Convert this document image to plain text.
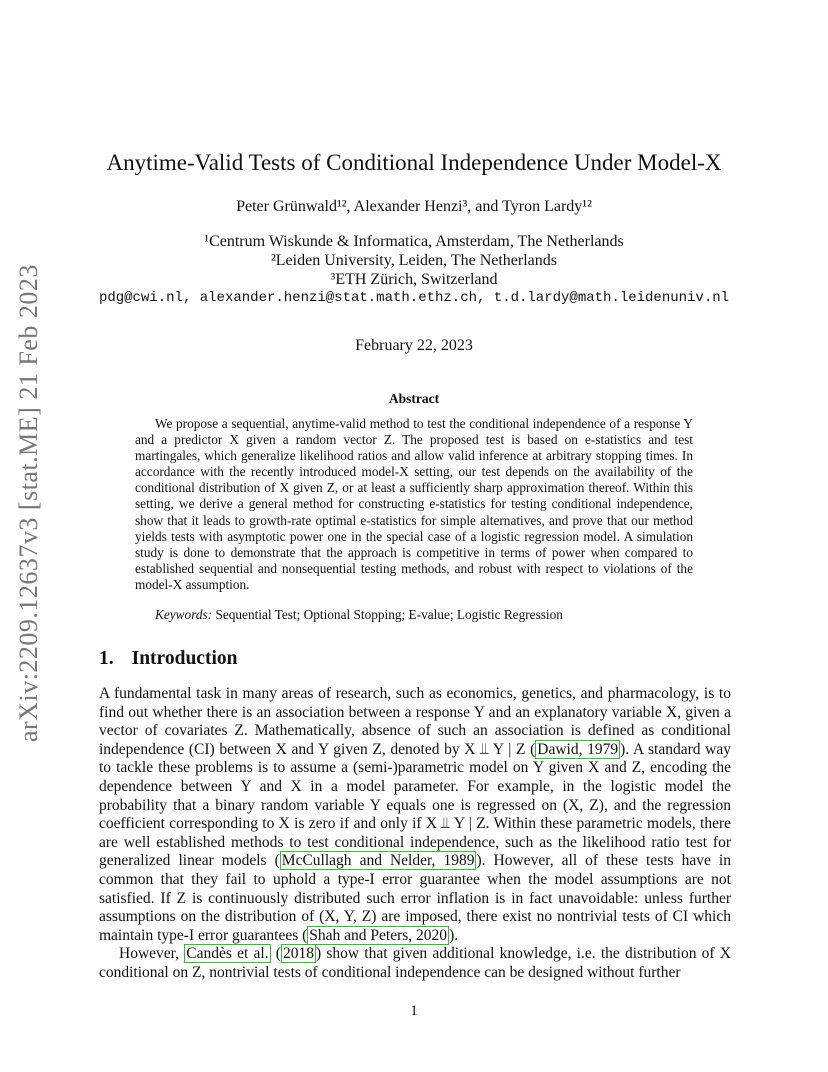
arXiv:2209.12637v3 [stat.ME] 21 Feb 2023
Anytime-Valid Tests of Conditional Independence Under Model-X
Peter Grünwald¹², Alexander Henzi³, and Tyron Lardy¹²
¹Centrum Wiskunde & Informatica, Amsterdam, The Netherlands
²Leiden University, Leiden, The Netherlands
³ETH Zürich, Switzerland
pdg@cwi.nl, alexander.henzi@stat.math.ethz.ch, t.d.lardy@math.leidenuniv.nl
February 22, 2023
Abstract
We propose a sequential, anytime-valid method to test the conditional independence of a response Y and a predictor X given a random vector Z. The proposed test is based on e-statistics and test martingales, which generalize likelihood ratios and allow valid inference at arbitrary stopping times. In accordance with the recently introduced model-X setting, our test depends on the availability of the conditional distribution of X given Z, or at least a sufficiently sharp approximation thereof. Within this setting, we derive a general method for constructing e-statistics for testing conditional independence, show that it leads to growth-rate optimal e-statistics for simple alternatives, and prove that our method yields tests with asymptotic power one in the special case of a logistic regression model. A simulation study is done to demonstrate that the approach is competitive in terms of power when compared to established sequential and nonsequential testing methods, and robust with respect to violations of the model-X assumption.
Keywords: Sequential Test; Optional Stopping; E-value; Logistic Regression
1. Introduction

A fundamental task in many areas of research, such as economics, genetics, and pharmacology, is to find out whether there is an association between a response Y and an explanatory variable X, given a vector of covariates Z. Mathematically, absence of such an association is defined as conditional independence (CI) between X and Y given Z, denoted by X ⫫ Y | Z ( Dawid, 1979 ). A standard way to tackle these problems is to assume a (semi-)parametric model on Y given X and Z, encoding the dependence between Y and X in a model parameter. For example, in the logistic model the probability that a binary random variable Y equals one is regressed on (X, Z), and the regression coefficient corresponding to X is zero if and only if X ⫫ Y | Z. Within these parametric models, there are well established methods to test conditional independence, such as the likelihood ratio test for generalized linear models ( McCullagh and Nelder, 1989 ). However, all of these tests have in common that they fail to uphold a type-I error guarantee when the model assumptions are not satisfied. If Z is continuously distributed such error inflation is in fact unavoidable: unless further assumptions on the distribution of (X, Y, Z) are imposed, there exist no nontrivial tests of CI which maintain type-I error guarantees ( Shah and Peters, 2020 ).

However, Candès et al. ( 2018 ) show that given additional knowledge, i.e. the distribution of X conditional on Z, nontrivial tests of conditional independence can be designed without further

1
